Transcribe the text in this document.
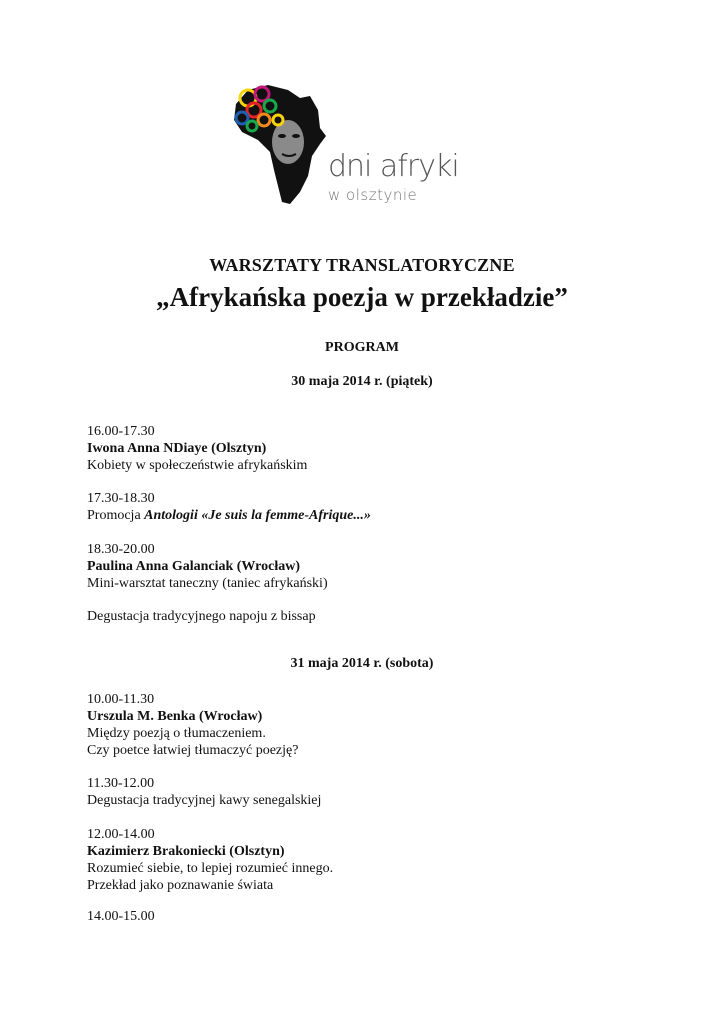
dni afryki
w olsztynie
WARSZTATY TRANSLATORYCZNE
„Afrykańska poezja w przekładzie”
PROGRAM
30 maja 2014 r. (piątek)
16.00-17.30
Iwona Anna NDiaye (Olsztyn)
Kobiety w społeczeństwie afrykańskim
17.30-18.30
Promocja Antologii «Je suis la femme-Afrique...»
18.30-20.00
Paulina Anna Galanciak (Wrocław)
Mini-warsztat taneczny (taniec afrykański)
Degustacja tradycyjnego napoju z bissap
31 maja 2014 r. (sobota)
10.00-11.30
Urszula M. Benka (Wrocław)
Między poezją o tłumaczeniem.
Czy poetce łatwiej tłumaczyć poezję?
11.30-12.00
Degustacja tradycyjnej kawy senegalskiej
12.00-14.00
Kazimierz Brakoniecki (Olsztyn)
Rozumieć siebie, to lepiej rozumieć innego.
Przekład jako poznawanie świata
14.00-15.00
